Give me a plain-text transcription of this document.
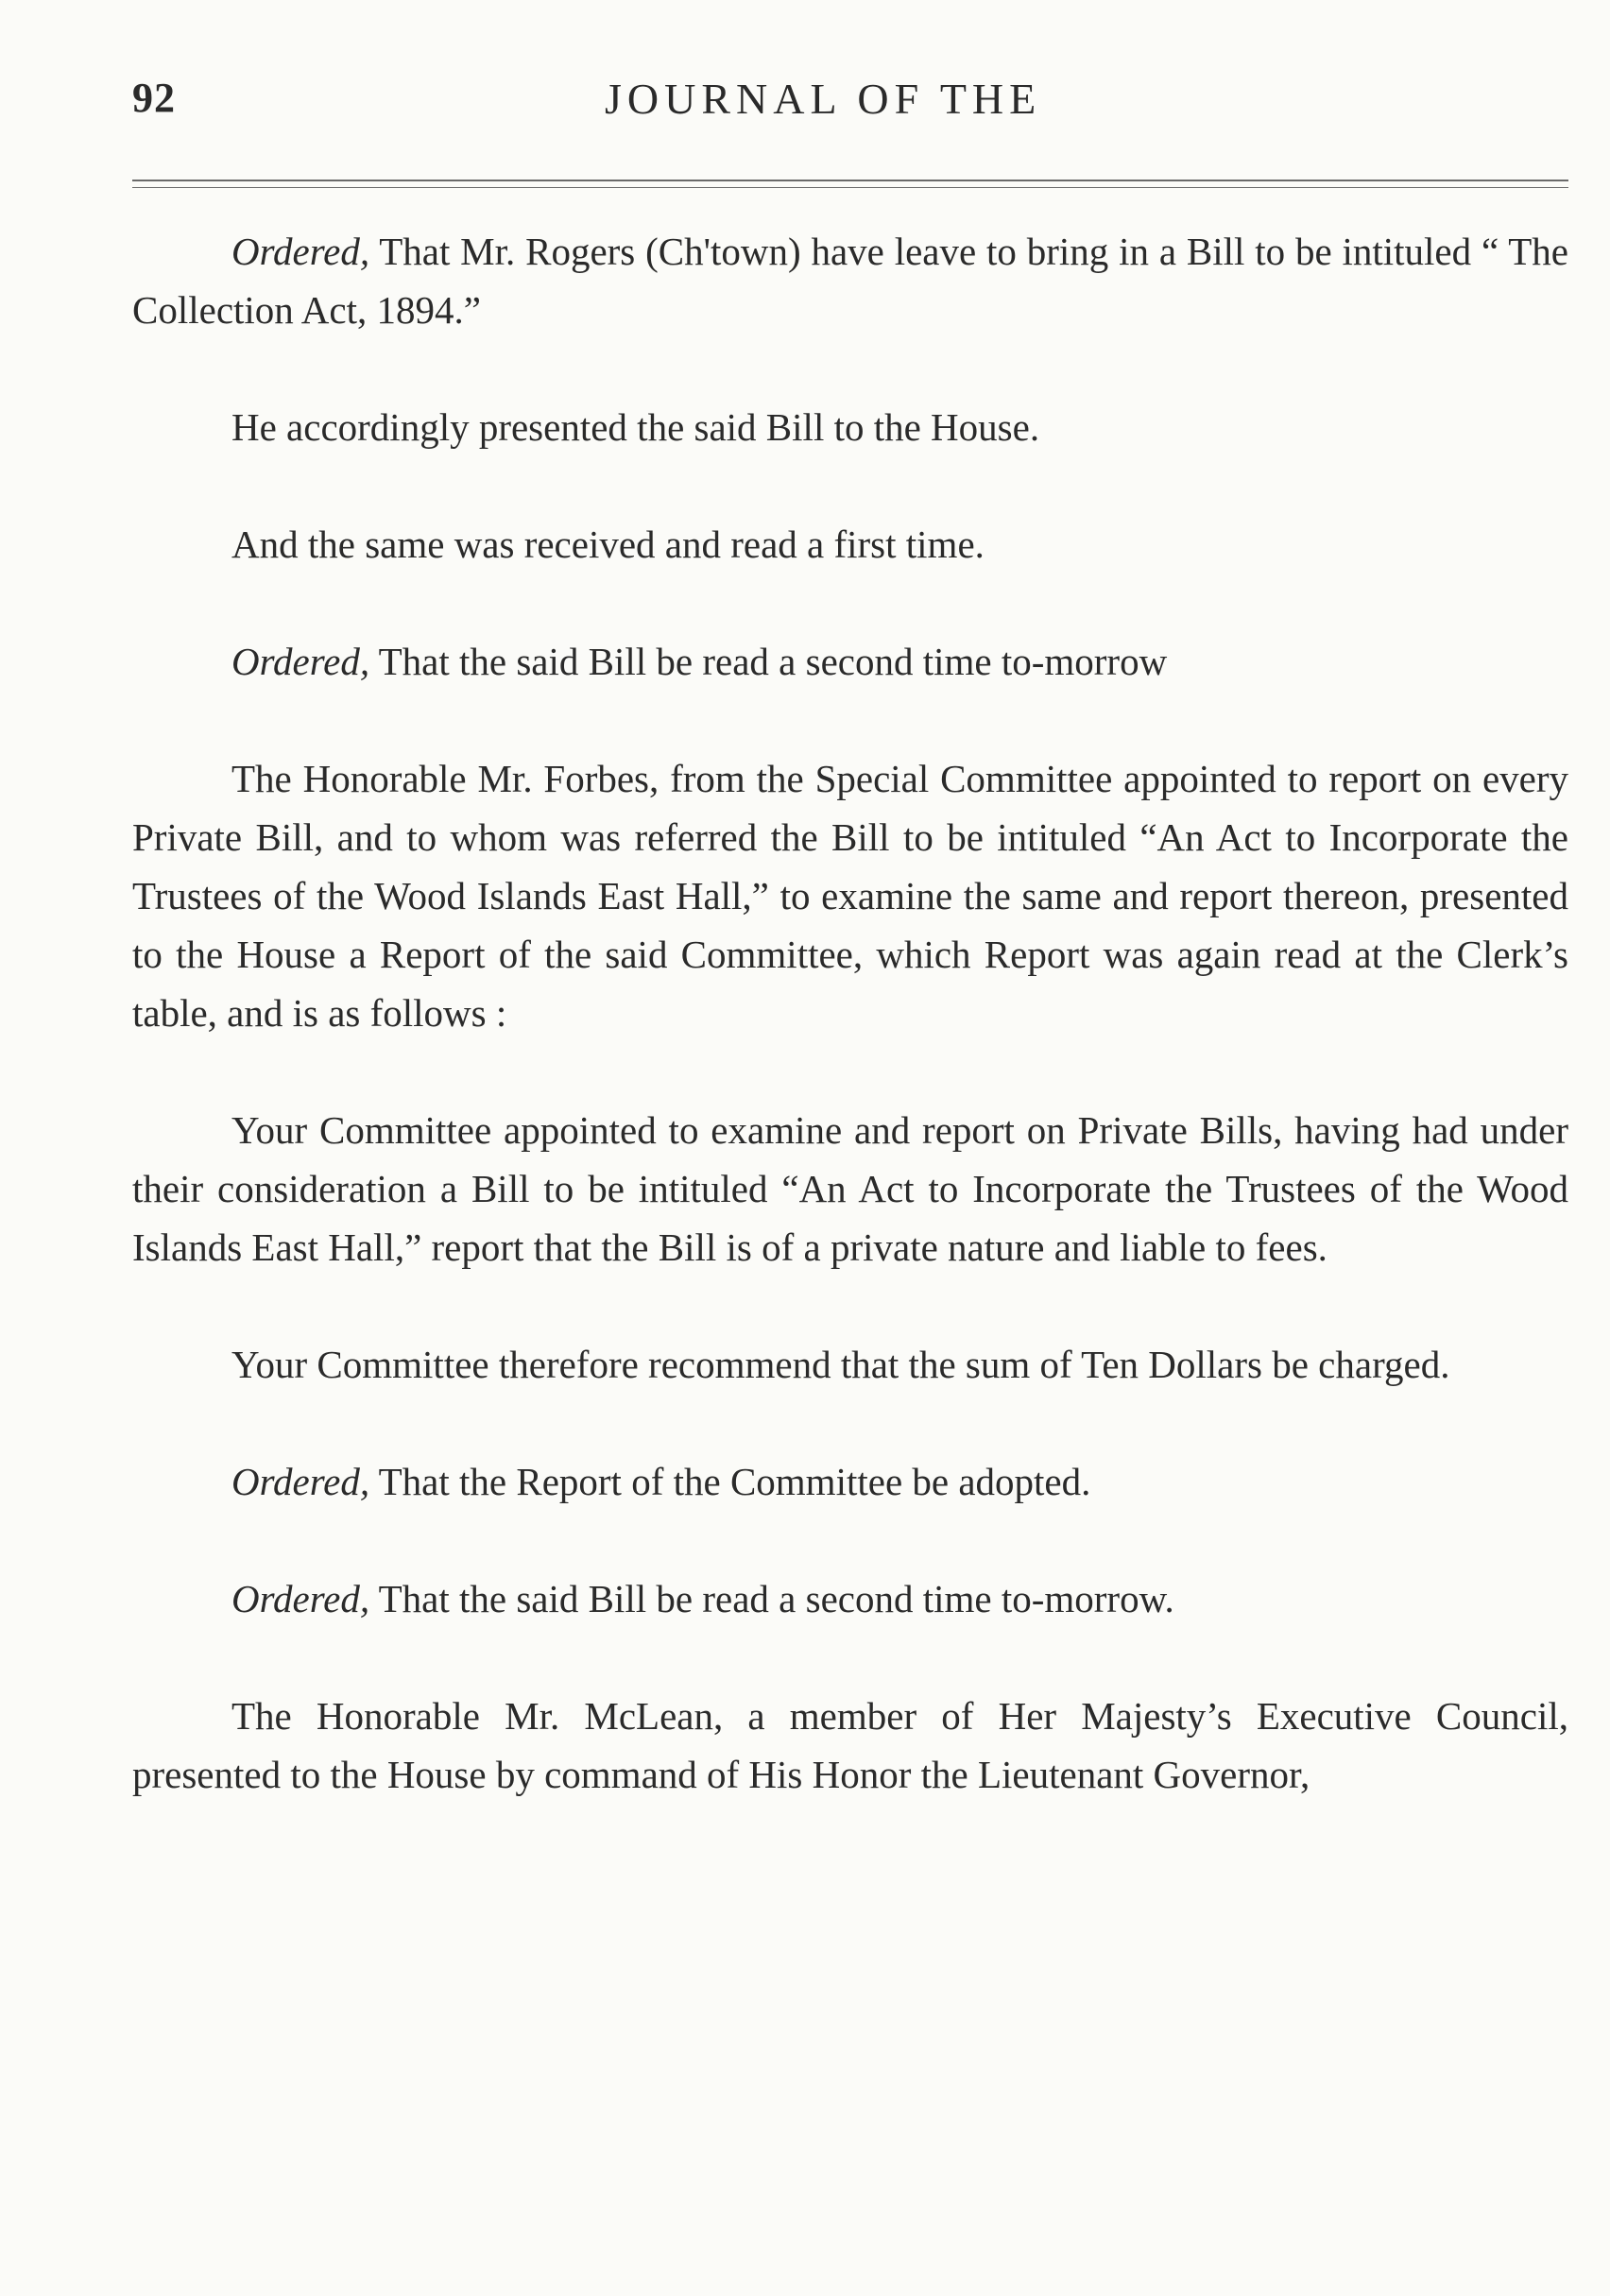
92	JOURNAL OF THE

Ordered, That Mr. Rogers (Ch'town) have leave to bring in a Bill to be intituled “ The Collection Act, 1894.”

He accordingly presented the said Bill to the House.

And the same was received and read a first time.

Ordered, That the said Bill be read a second time to-morrow

The Honorable Mr. Forbes, from the Special Committee appointed to report on every Private Bill, and to whom was referred the Bill to be intituled “An Act to Incorporate the Trustees of the Wood Islands East Hall,” to examine the same and report thereon, presented to the House a Report of the said Committee, which Report was again read at the Clerk’s table, and is as follows :

Your Committee appointed to examine and report on Private Bills, having had under their consideration a Bill to be intituled “An Act to Incorporate the Trustees of the Wood Islands East Hall,” report that the Bill is of a private nature and liable to fees.

Your Committee therefore recommend that the sum of Ten Dollars be charged.

Ordered, That the Report of the Committee be adopted.

Ordered, That the said Bill be read a second time to-morrow.

The Honorable Mr. McLean, a member of Her Majesty’s Executive Council, presented to the House by command of His Honor the Lieutenant Governor,
